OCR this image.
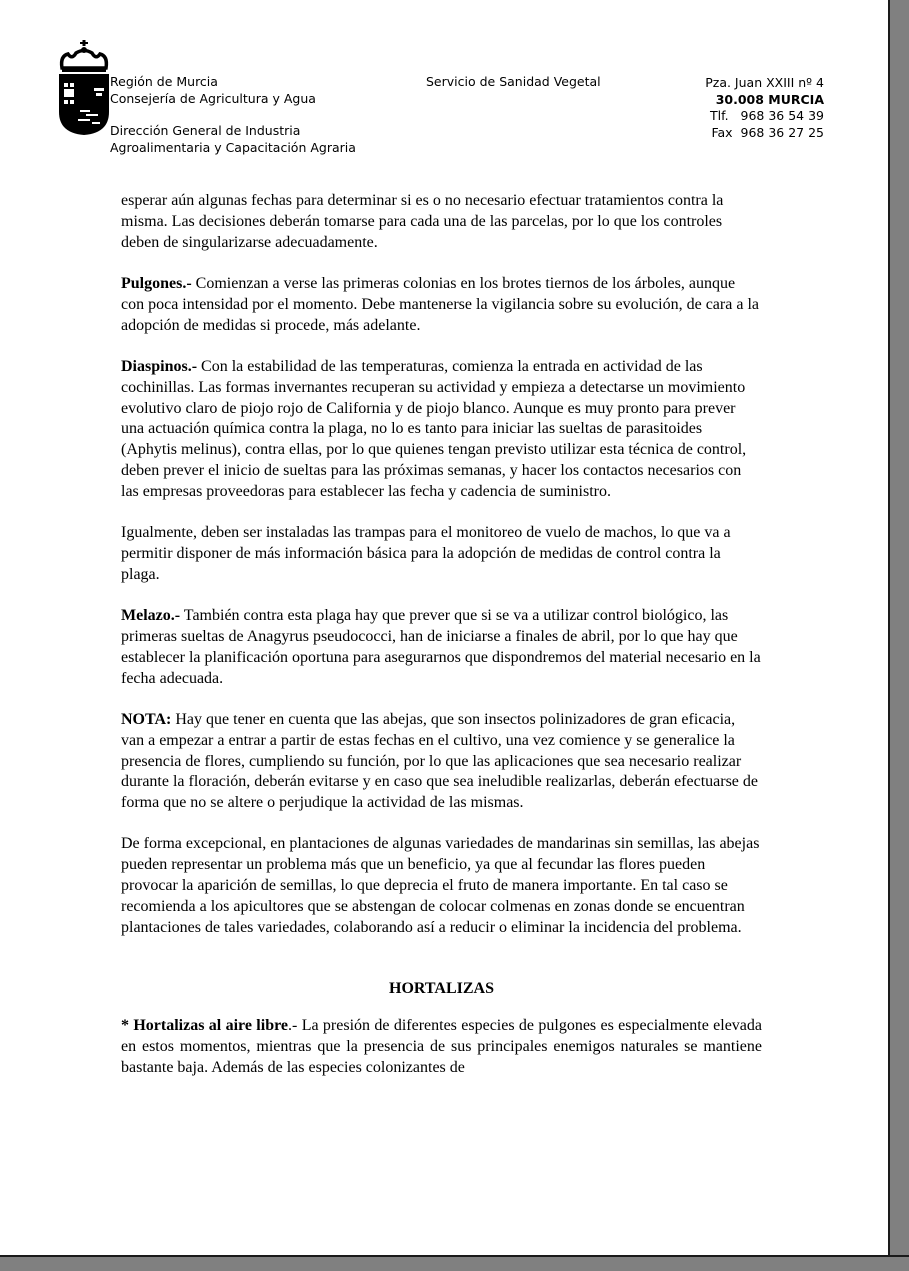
Región de Murcia
Consejería de Agricultura y Agua
Dirección General de Industria
Agroalimentaria y Capacitación Agraria
Servicio de Sanidad Vegetal	Pza. Juan XXIII nº 4
30.008 MURCIA
Tlf.   968 36 54 39
Fax  968 36 27 25

esperar aún algunas fechas para determinar si es o no necesario efectuar tratamientos contra la misma. Las decisiones deberán tomarse para cada una de las parcelas, por lo que los controles deben de singularizarse adecuadamente.

Pulgones.- Comienzan a verse las primeras colonias en los brotes tiernos de los árboles, aunque con poca intensidad por el momento. Debe mantenerse la vigilancia sobre su evolución, de cara a la adopción de medidas si procede, más adelante.

Diaspinos.- Con la estabilidad de las temperaturas, comienza la entrada en actividad de las cochinillas. Las formas invernantes recuperan su actividad y empieza a detectarse un movimiento evolutivo claro de piojo rojo de California y de piojo blanco. Aunque es muy pronto para prever una actuación química contra la plaga, no lo es tanto para iniciar las sueltas de parasitoides (Aphytis melinus), contra ellas, por lo que quienes tengan previsto utilizar esta técnica de control, deben prever el inicio de sueltas para las próximas semanas, y hacer los contactos necesarios con las empresas proveedoras para establecer las fecha y cadencia de suministro.

Igualmente, deben ser instaladas las trampas para el monitoreo de vuelo de machos, lo que va a permitir disponer de más información básica para la adopción de medidas de control contra la plaga.

Melazo.- También contra esta plaga hay que prever que si se va a utilizar control biológico, las primeras sueltas de Anagyrus pseudococci, han de iniciarse a finales de abril, por lo que hay que establecer la planificación oportuna para asegurarnos que dispondremos del material necesario en la fecha adecuada.

NOTA: Hay que tener en cuenta que las abejas, que son insectos polinizadores de gran eficacia, van a empezar a entrar a partir de estas fechas en el cultivo, una vez comience y se generalice la presencia de flores, cumpliendo su función, por lo que las aplicaciones que sea necesario realizar durante la floración, deberán evitarse y en caso que sea ineludible realizarlas, deberán efectuarse de forma que no se altere o perjudique la actividad de las mismas.

De forma excepcional, en plantaciones de algunas variedades de mandarinas sin semillas, las abejas pueden representar un problema más que un beneficio, ya que al fecundar las flores pueden provocar la aparición de semillas, lo que deprecia el fruto de manera importante. En tal caso se recomienda a los apicultores que se abstengan de colocar colmenas en zonas donde se encuentran plantaciones de tales variedades, colaborando así a reducir o eliminar la incidencia del problema.

HORTALIZAS

* Hortalizas al aire libre.- La presión de diferentes especies de pulgones es especialmente elevada en estos momentos, mientras que la presencia de sus principales enemigos naturales se mantiene bastante baja. Además de las especies colonizantes de
